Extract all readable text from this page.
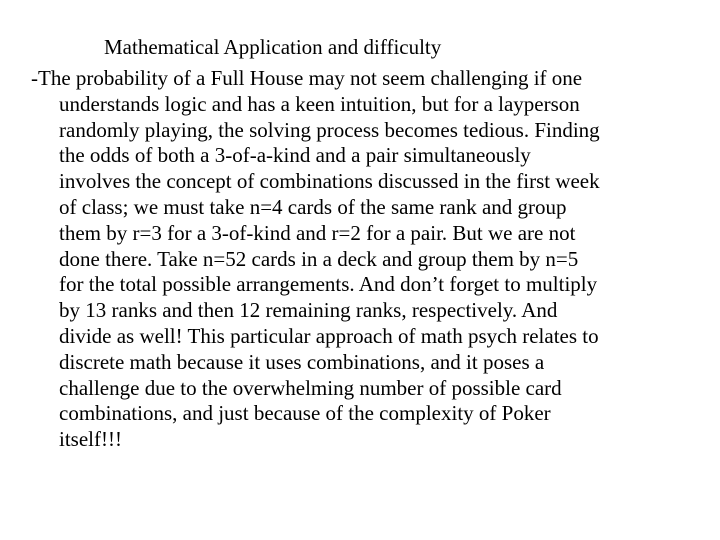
Mathematical Application and difficulty
-The probability of a Full House may not seem challenging if one
understands logic and has a keen intuition, but for a layperson
randomly playing, the solving process becomes tedious. Finding
the odds of both a 3-of-a-kind and a pair simultaneously
involves the concept of combinations discussed in the first week
of class; we must take n=4 cards of the same rank and group
them by r=3 for a 3-of-kind and r=2 for a pair. But we are not
done there. Take n=52 cards in a deck and group them by n=5
for the total possible arrangements. And don’t forget to multiply
by 13 ranks and then 12 remaining ranks, respectively. And
divide as well! This particular approach of math psych relates to
discrete math because it uses combinations, and it poses a
challenge due to the overwhelming number of possible card
combinations, and just because of the complexity of Poker
itself!!!
